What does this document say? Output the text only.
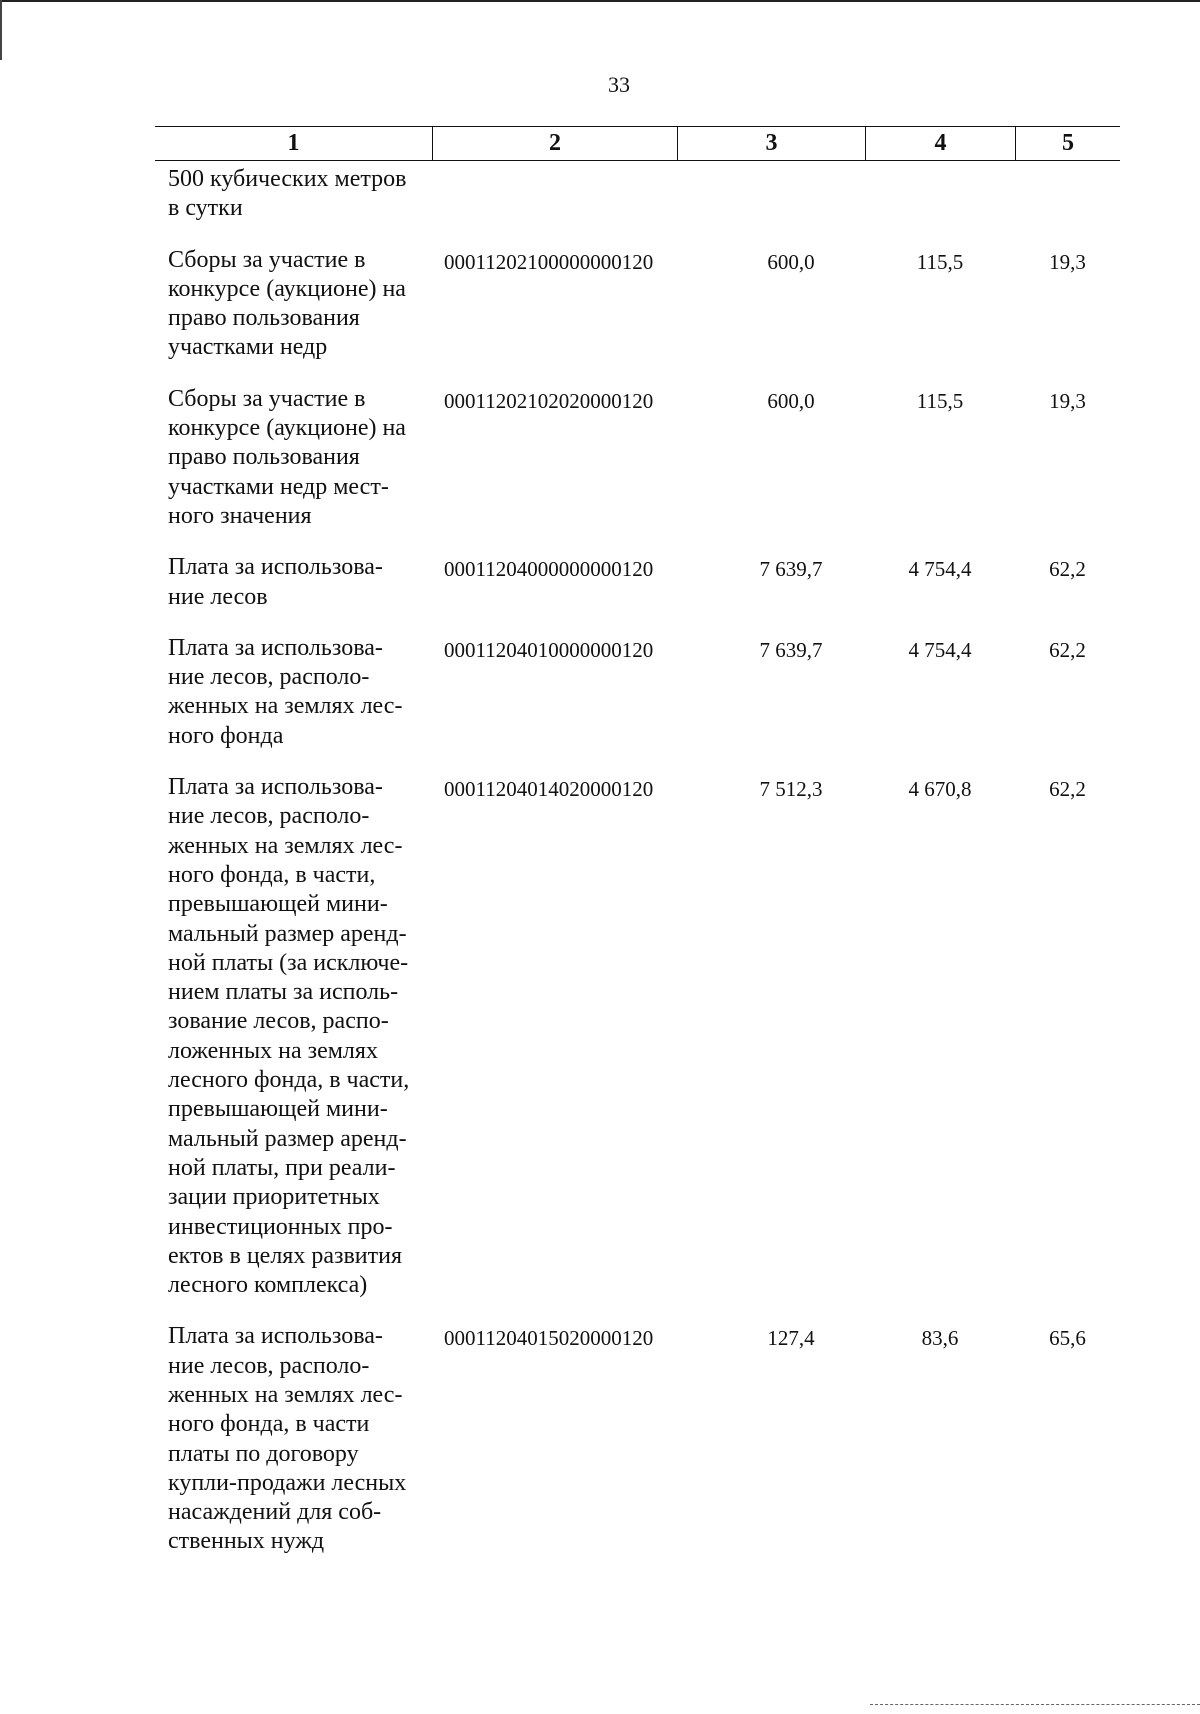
33
1	2	3	4	5
500 кубических метров
в сутки
Сборы за участие в
конкурсе (аукционе) на
право пользования
участками недр
00011202100000000120	600,0	115,5	19,3
Сборы за участие в
конкурсе (аукционе) на
право пользования
участками недр мест-
ного значения
00011202102020000120	600,0	115,5	19,3
Плата за использова-
ние лесов
00011204000000000120	7 639,7	4 754,4	62,2
Плата за использова-
ние лесов, располо-
женных на землях лес-
ного фонда
00011204010000000120	7 639,7	4 754,4	62,2
Плата за использова-
ние лесов, располо-
женных на землях лес-
ного фонда, в части,
превышающей мини-
мальный размер аренд-
ной платы (за исключе-
нием платы за исполь-
зование лесов, распо-
ложенных на землях
лесного фонда, в части,
превышающей мини-
мальный размер аренд-
ной платы, при реали-
зации приоритетных
инвестиционных про-
ектов в целях развития
лесного комплекса)
00011204014020000120	7 512,3	4 670,8	62,2
Плата за использова-
ние лесов, располо-
женных на землях лес-
ного фонда, в части
платы по договору
купли-продажи лесных
насаждений для соб-
ственных нужд
00011204015020000120	127,4	83,6	65,6
